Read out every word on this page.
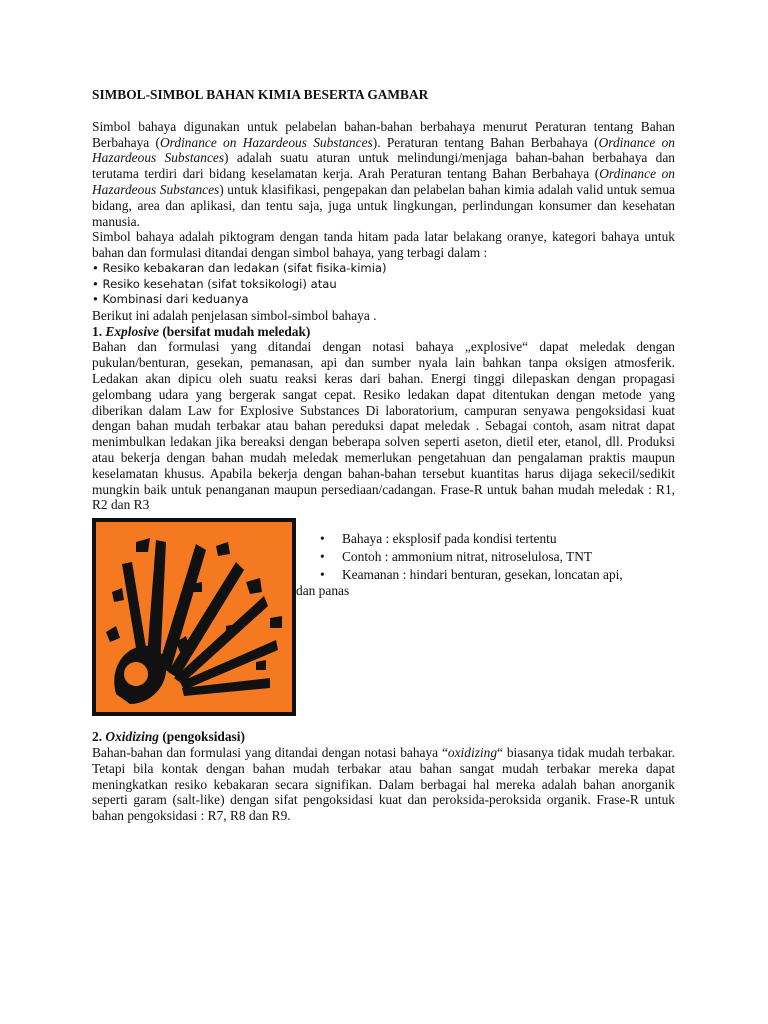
SIMBOL-SIMBOL BAHAN KIMIA BESERTA GAMBAR

Simbol bahaya digunakan untuk pelabelan bahan-bahan berbahaya menurut Peraturan tentang Bahan Berbahaya (Ordinance on Hazardeous Substances). Peraturan tentang Bahan Berbahaya (Ordinance on Hazardeous Substances) adalah suatu aturan untuk melindungi/menjaga bahan-bahan berbahaya dan terutama terdiri dari bidang keselamatan kerja. Arah Peraturan tentang Bahan Berbahaya (Ordinance on Hazardeous Substances) untuk klasifikasi, pengepakan dan pelabelan bahan kimia adalah valid untuk semua bidang, area dan aplikasi, dan tentu saja, juga untuk lingkungan, perlindungan konsumer dan kesehatan manusia.

Simbol bahaya adalah piktogram dengan tanda hitam pada latar belakang oranye, kategori bahaya untuk bahan dan formulasi ditandai dengan simbol bahaya, yang terbagi dalam :

• Resiko kebakaran dan ledakan (sifat fisika-kimia)
• Resiko kesehatan (sifat toksikologi) atau
• Kombinasi dari keduanya

Berikut ini adalah penjelasan simbol-simbol bahaya .

1. Explosive (bersifat mudah meledak)

Bahan dan formulasi yang ditandai dengan notasi bahaya „explosive“ dapat meledak dengan pukulan/benturan, gesekan, pemanasan, api dan sumber nyala lain bahkan tanpa oksigen atmosferik. Ledakan akan dipicu oleh suatu reaksi keras dari bahan. Energi tinggi dilepaskan dengan propagasi gelombang udara yang bergerak sangat cepat. Resiko ledakan dapat ditentukan dengan metode yang diberikan dalam Law for Explosive Substances Di laboratorium, campuran senyawa pengoksidasi kuat dengan bahan mudah terbakar atau bahan pereduksi dapat meledak . Sebagai contoh, asam nitrat dapat menimbulkan ledakan jika bereaksi dengan beberapa solven seperti aseton, dietil eter, etanol, dll. Produksi atau bekerja dengan bahan mudah meledak memerlukan pengetahuan dan pengalaman praktis maupun keselamatan khusus. Apabila bekerja dengan bahan-bahan tersebut kuantitas harus dijaga sekecil/sedikit mungkin baik untuk penanganan maupun persediaan/cadangan. Frase-R untuk bahan mudah meledak : R1, R2 dan R3

• Bahaya : eksplosif pada kondisi tertentu
• Contoh : ammonium nitrat, nitroselulosa, TNT
• Keamanan : hindari benturan, gesekan, loncatan api,
dan panas

2. Oxidizing (pengoksidasi)

Bahan-bahan dan formulasi yang ditandai dengan notasi bahaya “oxidizing“ biasanya tidak mudah terbakar. Tetapi bila kontak dengan bahan mudah terbakar atau bahan sangat mudah terbakar mereka dapat meningkatkan resiko kebakaran secara signifikan. Dalam berbagai hal mereka adalah bahan anorganik seperti garam (salt-like) dengan sifat pengoksidasi kuat dan peroksida-peroksida organik. Frase-R untuk bahan pengoksidasi : R7, R8 dan R9.
